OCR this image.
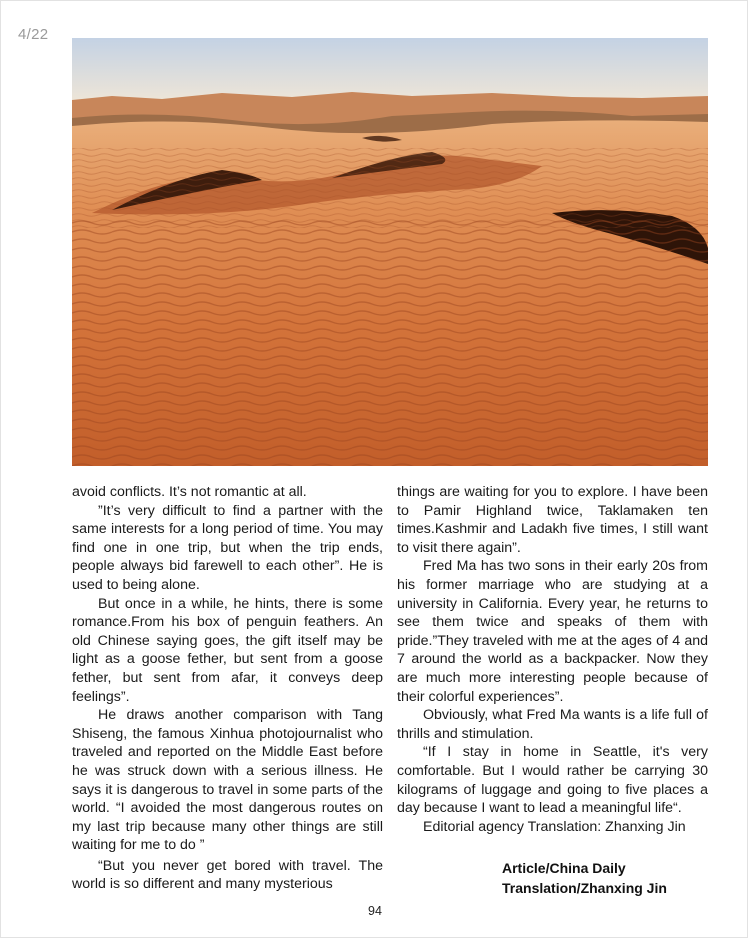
4/22

avoid conflicts. It’s not romantic at all.

”It’s very difficult to find a partner with the same interests for a long period of time. You may find one in one trip, but when the trip ends, people always bid farewell to each other”. He is used to being alone.

But once in a while, he hints, there is some romance.From his box of penguin feathers. An old Chinese saying goes, the gift itself may be light as a goose fether, but sent from a goose fether, but sent from afar, it conveys deep feelings”.

He draws another comparison with Tang Shiseng, the famous Xinhua photojournalist who traveled and reported on the Middle East before he was struck down with a serious illness. He says it is dangerous to travel in some parts of the world. “I avoided the most dangerous routes on my last trip because many other things are still waiting for me to do ”

“But you never get bored with travel. The world is so different and many mysterious

things are waiting for you to explore. I have been to Pamir Highland twice, Taklamaken ten times.Kashmir and Ladakh five times, I still want to visit there again”.

Fred Ma has two sons in their early 20s from his former marriage who are studying at a university in California. Every year, he returns to see them twice and speaks of them with pride.”They traveled with me at the ages of 4 and 7 around the world as a backpacker. Now they are much more interesting people because of their colorful experiences”.

Obviously, what Fred Ma wants is a life full of thrills and stimulation.

“If I stay in home in Seattle, it's very comfortable. But I would rather be carrying 30 kilograms of luggage and going to five places a day because I want to lead a meaningful life“.

Editorial agency Translation: Zhanxing Jin

Article/China Daily
Translation/Zhanxing Jin
94
